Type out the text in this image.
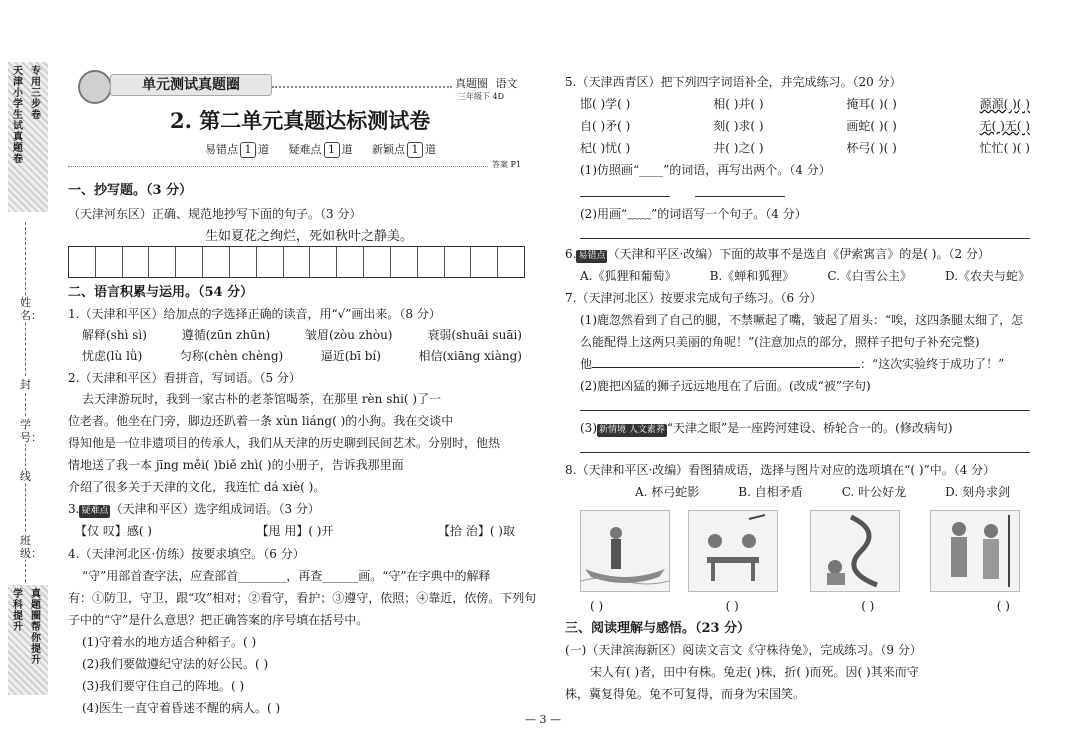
天津小学生试真题卷
专用 三步卷
姓名：
封
学号：
线
班级：
学科 提升
真题圈 帮你提升
单元测试真题圈	真题圈 语文
三年级下 4D
2. 第二单元真题达标测试卷
易错点 1 道 疑难点 1 道 新颖点 1 道
答案 P1
一、抄写题。（3 分）
（天津河东区）正确、规范地抄写下面的句子。（3 分）
生如夏花之绚烂，死如秋叶之静美。
二、语言积累与运用。（54 分）
1.（天津和平区）给加点的字选择正确的读音，用“√”画出来。（8 分）
解释(shì sì)	遵循(zūn zhūn)	皱眉(zòu zhòu)	衰弱(shuāi suāi)
忧虑(lù lǜ)	匀称(chèn chèng)	逼近(bī bí)	相信(xiāng xiàng)
2.（天津和平区）看拼音，写词语。（5 分）
去天津游玩时，我到一家古朴的老茶馆喝茶，在那里 rèn shi( )了一
位老者。他坐在门旁，脚边还趴着一条 xùn liáng( )的小狗。我在交谈中
得知他是一位非遗项目的传承人，我们从天津的历史聊到民间艺术。分别时，他热
情地送了我一本 jīng měi( )biě zhì( )的小册子，告诉我那里面
介绍了很多关于天津的文化，我连忙 dá xiè( )。
3. 疑难点 （天津和平区）选字组成词语。（3 分）
【仅 叹】感( )	【甩 用】( )开	【拾 治】( )取
4.（天津河北区·仿练）按要求填空。（6 分）
“守”用部首查字法，应查部首________，再查______画。“守”在字典中的解释
有：①防卫，守卫，跟“攻”相对；②看守，看护；③遵守，依照；④靠近，依傍。下列句
子中的“守”是什么意思？把正确答案的序号填在括号中。
(1)守着水的地方适合种稻子。( )
(2)我们要做遵纪守法的好公民。( )
(3)我们要守住自己的阵地。( )
(4)医生一直守着昏迷不醒的病人。( )
5.（天津西青区）把下列四字词语补全，并完成练习。（20 分）
邯( )学( )	相( )并( )	掩耳( )( )	源源( )( )
自( )矛( )	刻( )求( )	画蛇( )( )	无( )无( )
杞( )忧( )	井( )之( )	杯弓( )( )	忙忙( )( )
(1)仿照画“____”的词语，再写出两个。（4 分）
(2)用画“﹏﹏”的词语写一个句子。（4 分）
6. 易错点 （天津和平区·改编）下面的故事不是选自《伊索寓言》的是( )。（2 分）
A.《狐狸和葡萄》	B.《蝉和狐狸》	C.《白雪公主》	D.《农夫与蛇》
7.（天津河北区）按要求完成句子练习。（6 分）
(1)鹿忽然看到了自己的腿，不禁噘起了嘴，皱起了眉头：“唉，这四条腿太细了，怎
么能配得上这两只美丽的角呢！”(注意加点的部分，照样子把句子补充完整)
他	：“这次实验终于成功了！”
(2)鹿把凶猛的狮子远远地甩在了后面。(改成“被”字句)
(3) 新情境 人文素养 “天津之眼”是一座跨河建设、桥轮合一的。(修改病句)
8.（天津和平区·改编）看图猜成语，选择与图片对应的选项填在“( )”中。（4 分）
A. 杯弓蛇影	B. 自相矛盾	C. 叶公好龙	D. 刻舟求剑
( )	( )	( )	( )
三、阅读理解与感悟。（23 分）
(一)（天津滨海新区）阅读文言文《守株待兔》，完成练习。（9 分）
宋人有( )者，田中有株。兔走( )株，折( )而死。因( )其来而守
株，冀复得兔。兔不可复得，而身为宋国笑。
— 3 —
